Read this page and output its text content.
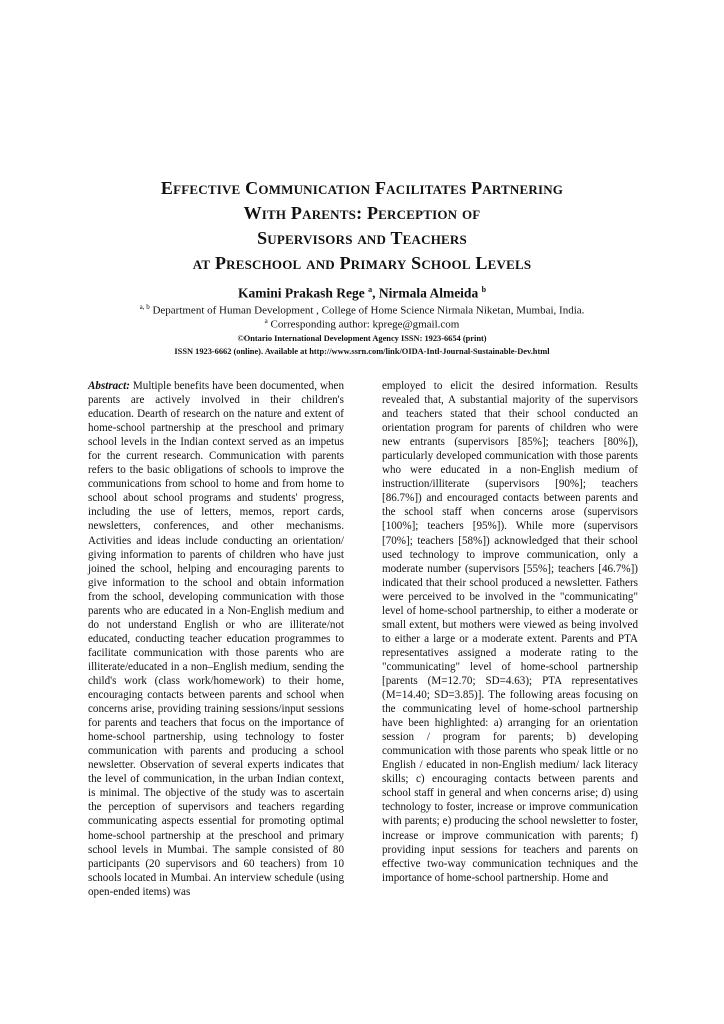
Effective Communication Facilitates Partnering
With Parents: Perception of
Supervisors and Teachers
at Preschool and Primary School Levels
Kamini Prakash Rege $^a$, Nirmala Almeida $^b$
$^{a, b}$ Department of Human Development , College of Home Science Nirmala Niketan, Mumbai, India.
$^a$ Corresponding author: kprege@gmail.com
©Ontario International Development Agency ISSN: 1923-6654 (print)
ISSN 1923-6662 (online). Available at http://www.ssrn.com/link/OIDA-Intl-Journal-Sustainable-Dev.html

Abstract: Multiple benefits have been documented, when parents are actively involved in their children's education. Dearth of research on the nature and extent of home-school partnership at the preschool and primary school levels in the Indian context served as an impetus for the current research. Communication with parents refers to the basic obligations of schools to improve the communications from school to home and from home to school about school programs and students' progress, including the use of letters, memos, report cards, newsletters, conferences, and other mechanisms. Activities and ideas include conducting an orientation/ giving information to parents of children who have just joined the school, helping and encouraging parents to give information to the school and obtain information from the school, developing communication with those parents who are educated in a Non-English medium and do not understand English or who are illiterate/not educated, conducting teacher education programmes to facilitate communication with those parents who are illiterate/educated in a non–English medium, sending the child's work (class work/homework) to their home, encouraging contacts between parents and school when concerns arise, providing training sessions/input sessions for parents and teachers that focus on the importance of home-school partnership, using technology to foster communication with parents and producing a school newsletter. Observation of several experts indicates that the level of communication, in the urban Indian context, is minimal. The objective of the study was to ascertain the perception of supervisors and teachers regarding communicating aspects essential for promoting optimal home-school partnership at the preschool and primary school levels in Mumbai. The sample consisted of 80 participants (20 supervisors and 60 teachers) from 10 schools located in Mumbai. An interview schedule (using open-ended items) was

employed to elicit the desired information. Results revealed that, A substantial majority of the supervisors and teachers stated that their school conducted an orientation program for parents of children who were new entrants (supervisors [85%]; teachers [80%]), particularly developed communication with those parents who were educated in a non-English medium of instruction/illiterate (supervisors [90%]; teachers [86.7%]) and encouraged contacts between parents and the school staff when concerns arose (supervisors [100%]; teachers [95%]). While more (supervisors [70%]; teachers [58%]) acknowledged that their school used technology to improve communication, only a moderate number (supervisors [55%]; teachers [46.7%]) indicated that their school produced a newsletter. Fathers were perceived to be involved in the "communicating" level of home-school partnership, to either a moderate or small extent, but mothers were viewed as being involved to either a large or a moderate extent. Parents and PTA representatives assigned a moderate rating to the "communicating" level of home-school partnership [parents (M=12.70; SD=4.63); PTA representatives (M=14.40; SD=3.85)]. The following areas focusing on the communicating level of home-school partnership have been highlighted: a) arranging for an orientation session / program for parents; b) developing communication with those parents who speak little or no English / educated in non-English medium/ lack literacy skills; c) encouraging contacts between parents and school staff in general and when concerns arise; d) using technology to foster, increase or improve communication with parents; e) producing the school newsletter to foster, increase or improve communication with parents; f) providing input sessions for teachers and parents on effective two-way communication techniques and the importance of home-school partnership. Home and
